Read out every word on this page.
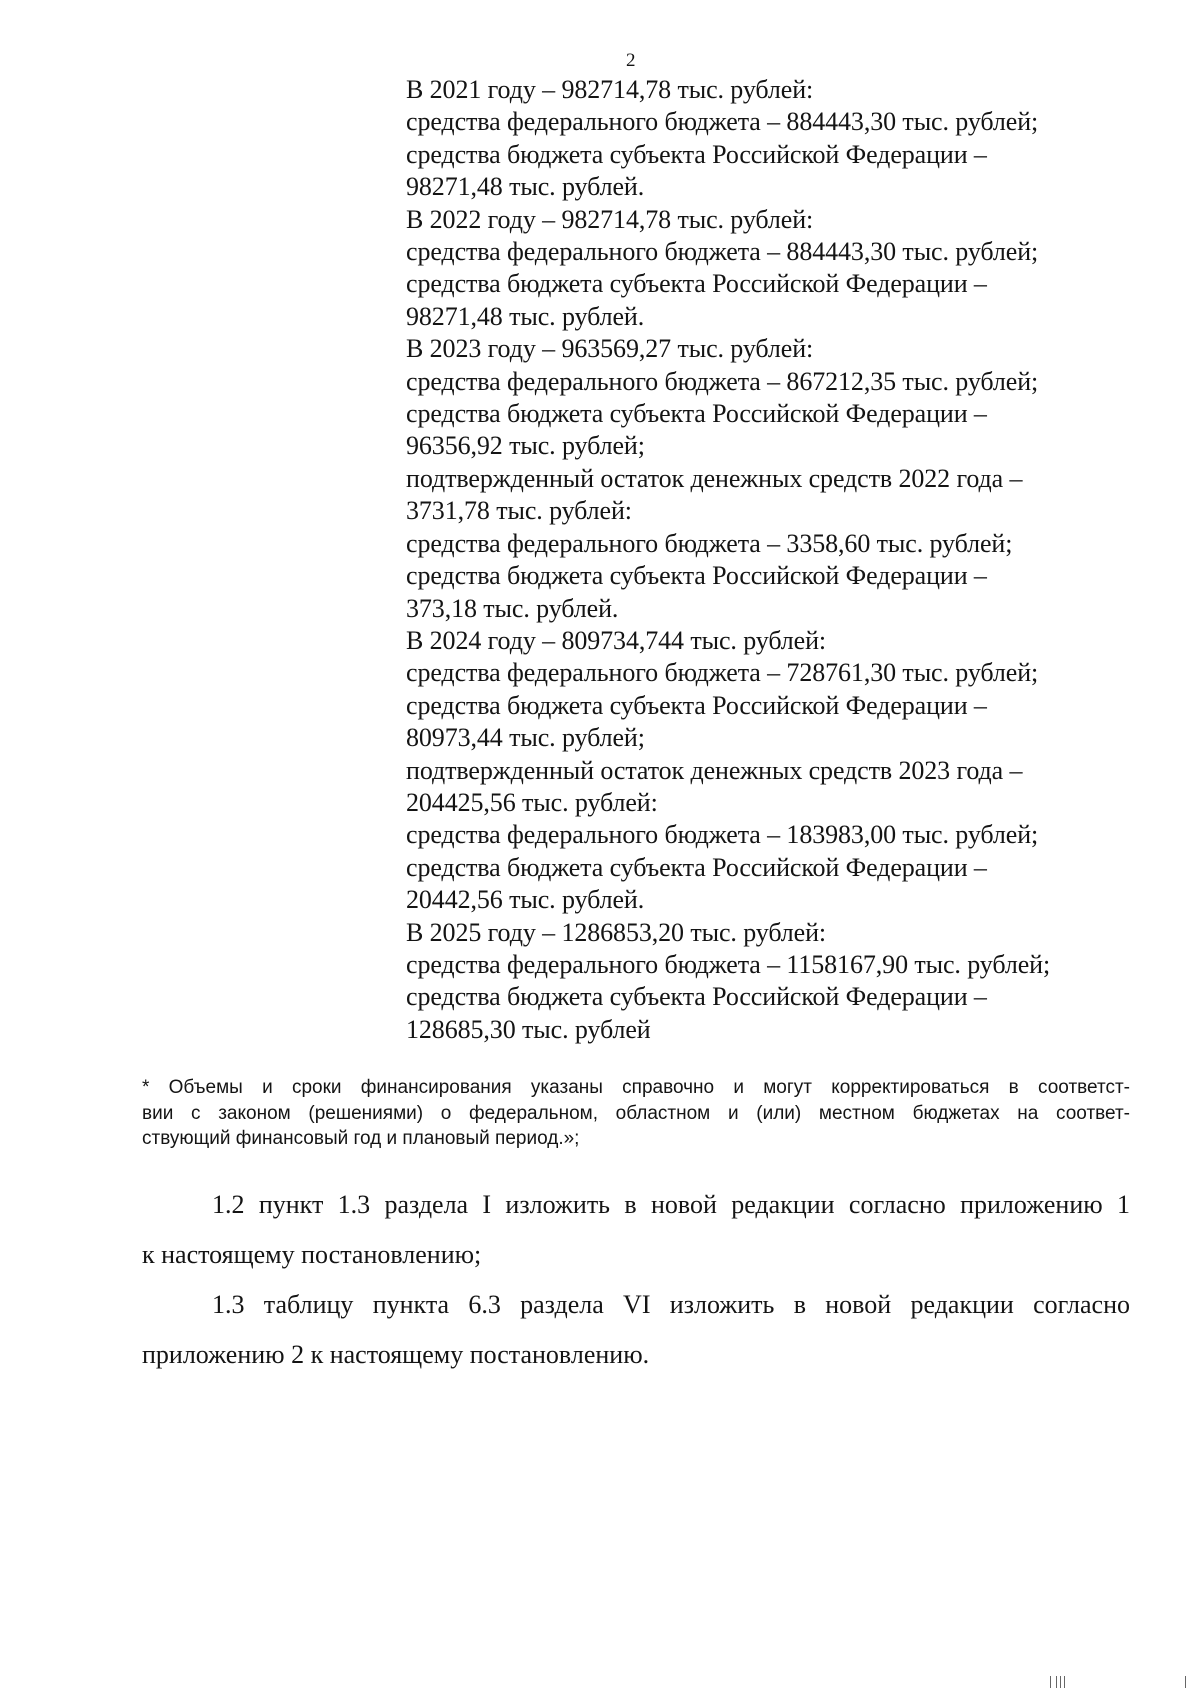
2
В 2021 году – 982714,78 тыс. рублей:
средства федерального бюджета – 884443,30 тыс. рублей;
средства бюджета субъекта Российской Федерации –
98271,48 тыс. рублей.
В 2022 году – 982714,78 тыс. рублей:
средства федерального бюджета – 884443,30 тыс. рублей;
средства бюджета субъекта Российской Федерации –
98271,48 тыс. рублей.
В 2023 году – 963569,27 тыс. рублей:
средства федерального бюджета – 867212,35 тыс. рублей;
средства бюджета субъекта Российской Федерации –
96356,92 тыс. рублей;
подтвержденный остаток денежных средств 2022 года –
3731,78 тыс. рублей:
средства федерального бюджета – 3358,60 тыс. рублей;
средства бюджета субъекта Российской Федерации –
373,18 тыс. рублей.
В 2024 году – 809734,744 тыс. рублей:
средства федерального бюджета – 728761,30 тыс. рублей;
средства бюджета субъекта Российской Федерации –
80973,44 тыс. рублей;
подтвержденный остаток денежных средств 2023 года –
204425,56 тыс. рублей:
средства федерального бюджета – 183983,00 тыс. рублей;
средства бюджета субъекта Российской Федерации –
20442,56 тыс. рублей.
В 2025 году – 1286853,20 тыс. рублей:
средства федерального бюджета – 1158167,90 тыс. рублей;
средства бюджета субъекта Российской Федерации –
128685,30 тыс. рублей
* Объемы и сроки финансирования указаны справочно и могут корректироваться в соответст-
вии с законом (решениями) о федеральном, областном и (или) местном бюджетах на соответ-
ствующий финансовый год и плановый период.»;
1.2 пункт 1.3 раздела I изложить в новой редакции согласно приложению 1
к настоящему постановлению;
1.3 таблицу пункта 6.3 раздела VI изложить в новой редакции согласно
приложению 2 к настоящему постановлению.
